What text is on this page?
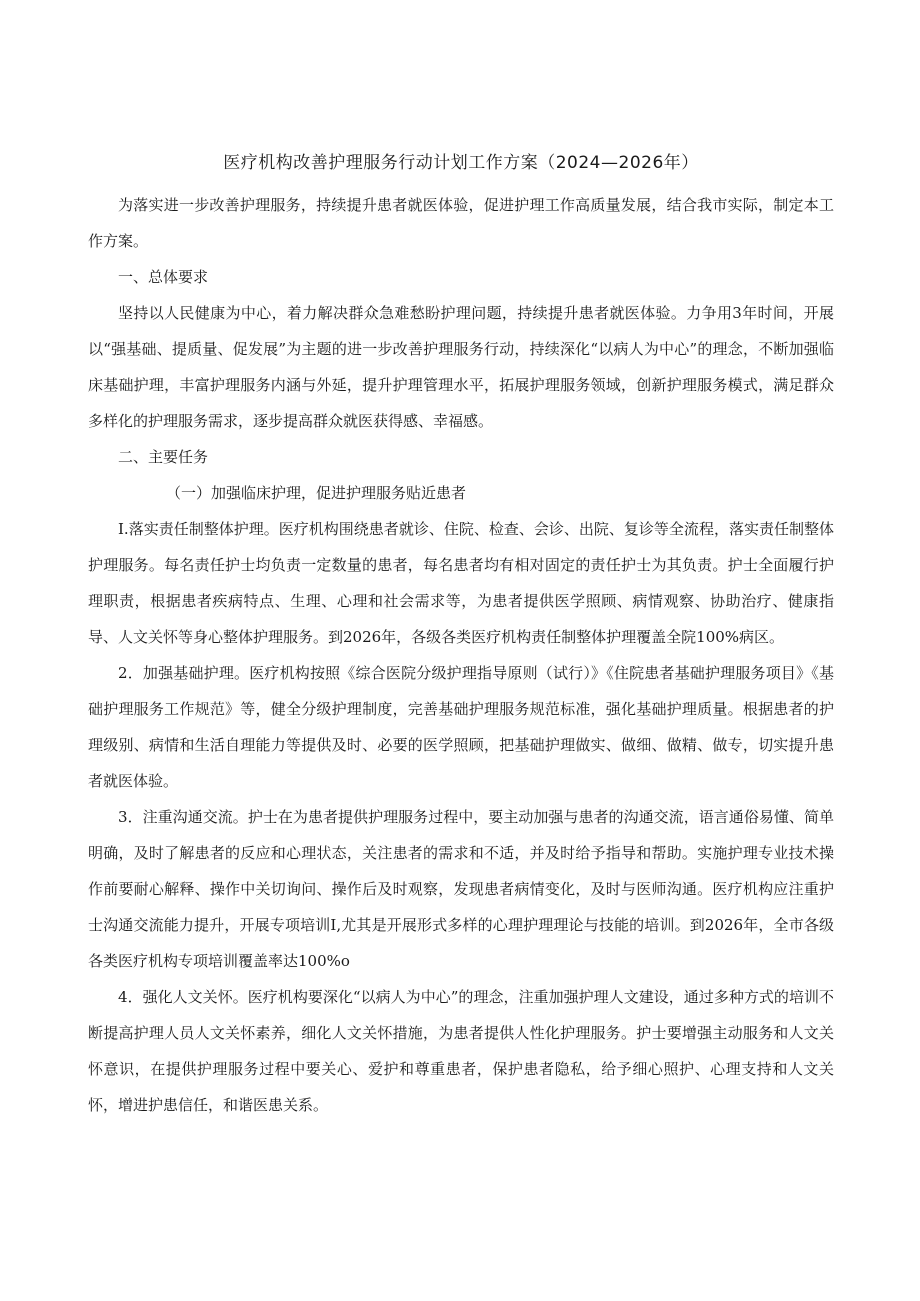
医疗机构改善护理服务行动计划工作方案（2024—2026年）

为落实进一步改善护理服务，持续提升患者就医体验，促进护理工作高质量发展，结合我市实际，制定本工作方案。

一、总体要求

坚持以人民健康为中心，着力解决群众急难愁盼护理问题，持续提升患者就医体验。力争用3年时间，开展以“强基础、提质量、促发展”为主题的进一步改善护理服务行动，持续深化“以病人为中心”的理念，不断加强临床基础护理，丰富护理服务内涵与外延，提升护理管理水平，拓展护理服务领域，创新护理服务模式，满足群众多样化的护理服务需求，逐步提高群众就医获得感、幸福感。

二、主要任务

（一）加强临床护理，促进护理服务贴近患者

I.落实责任制整体护理。医疗机构围绕患者就诊、住院、检查、会诊、出院、复诊等全流程，落实责任制整体护理服务。每名责任护士均负责一定数量的患者，每名患者均有相对固定的责任护士为其负责。护士全面履行护理职责，根据患者疾病特点、生理、心理和社会需求等，为患者提供医学照顾、病情观察、协助治疗、健康指导、人文关怀等身心整体护理服务。到2026年，各级各类医疗机构责任制整体护理覆盖全院100%病区。

2．加强基础护理。医疗机构按照《综合医院分级护理指导原则（试行）》《住院患者基础护理服务项目》《基础护理服务工作规范》等，健全分级护理制度，完善基础护理服务规范标准，强化基础护理质量。根据患者的护理级别、病情和生活自理能力等提供及时、必要的医学照顾，把基础护理做实、做细、做精、做专，切实提升患者就医体验。

3．注重沟通交流。护士在为患者提供护理服务过程中，要主动加强与患者的沟通交流，语言通俗易懂、简单明确，及时了解患者的反应和心理状态，关注患者的需求和不适，并及时给予指导和帮助。实施护理专业技术操作前要耐心解释、操作中关切询问、操作后及时观察，发现患者病情变化，及时与医师沟通。医疗机构应注重护士沟通交流能力提升，开展专项培训I,尤其是开展形式多样的心理护理理论与技能的培训。到2026年，全市各级各类医疗机构专项培训覆盖率达100%o

4．强化人文关怀。医疗机构要深化“以病人为中心”的理念，注重加强护理人文建设，通过多种方式的培训不断提高护理人员人文关怀素养，细化人文关怀措施，为患者提供人性化护理服务。护士要增强主动服务和人文关怀意识，在提供护理服务过程中要关心、爱护和尊重患者，保护患者隐私，给予细心照护、心理支持和人文关怀，增进护患信任，和谐医患关系。
